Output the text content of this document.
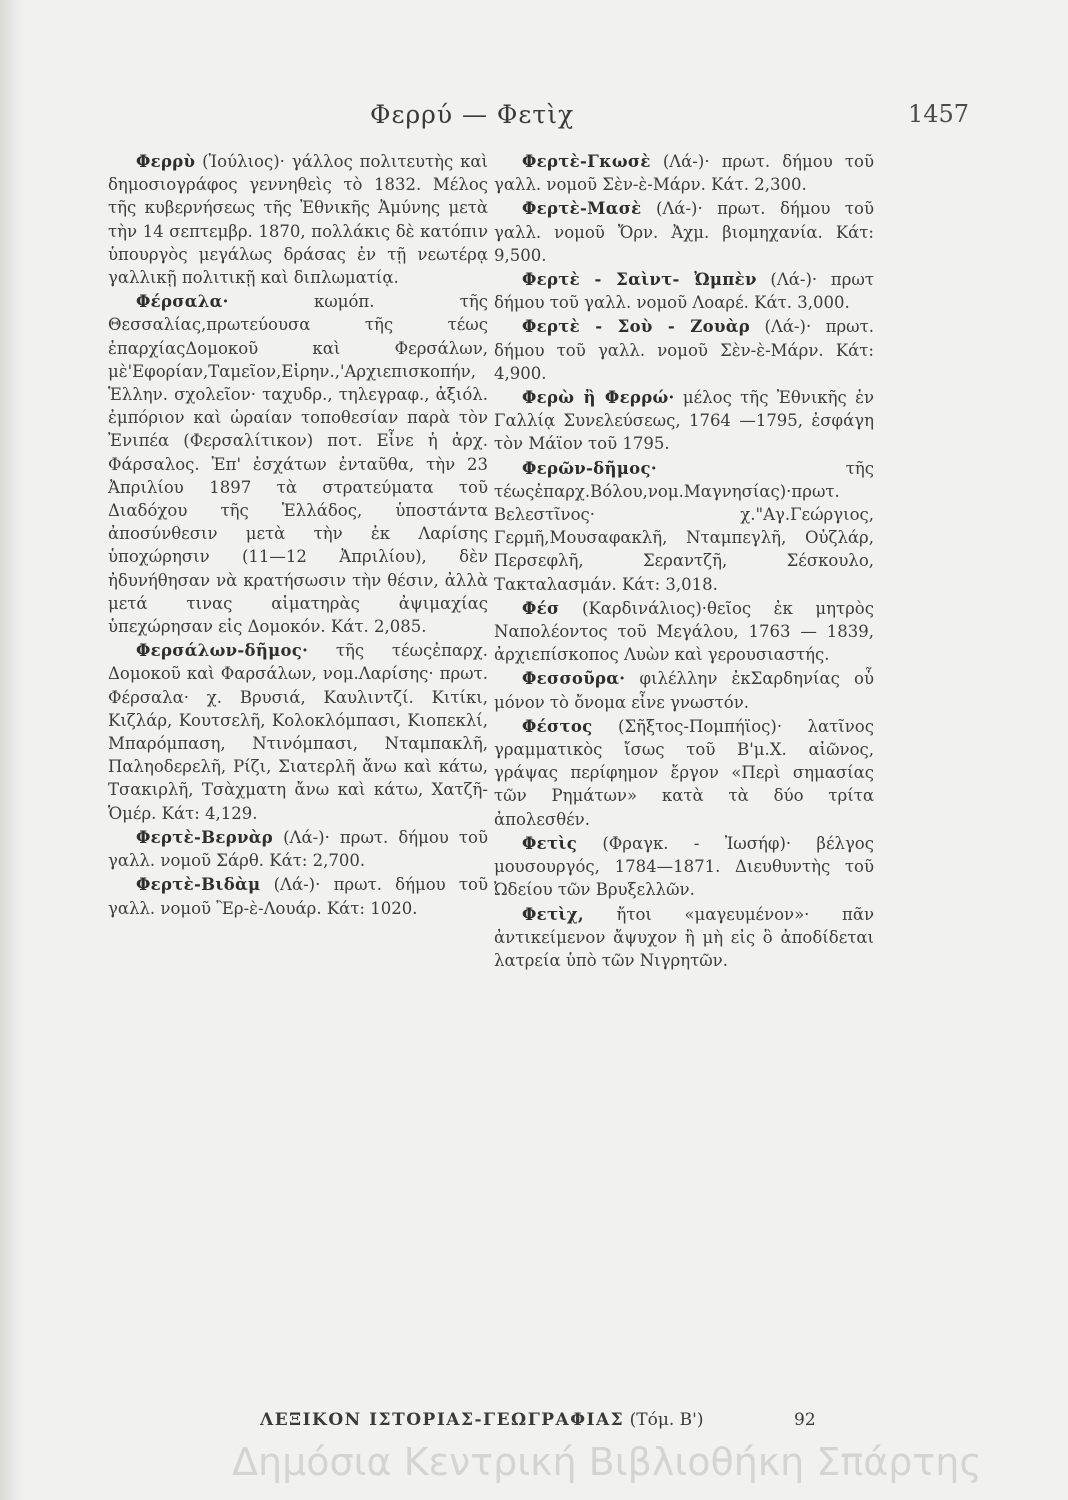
Φερρύ — Φετὶχ	1457

Φερρὺ (Ἰούλιος)· γάλλος πολιτευτὴς καὶ δημοσιογράφος γεννηθεὶς τὸ 1832. Μέλος τῆς κυβερνήσεως τῆς Ἐθνικῆς Ἀμύνης μετὰ τὴν 14 σεπτεμβρ. 1870, πολλάκις δὲ κατόπιν ὑπουργὸς μεγάλως δράσας ἐν τῇ νεωτέρᾳ γαλλικῇ πολιτικῇ καὶ διπλωματίᾳ.

Φέρσαλα·	κωμόπ. τῆς Θεσσαλίας,πρωτεύουσα τῆς τέως ἐπαρχίαςΔομοκοῦ καὶ Φερσάλων, μὲ'Εφορίαν,Ταμεῖον,Εἰρην.,'Αρχιεπισκοπήν, Ἑλλην. σχολεῖον· ταχυδρ., τηλεγραφ., ἀξιόλ. ἐμπόριον καὶ ὡραίαν τοποθεσίαν παρὰ τὸν Ἐνιπέα (Φερσαλίτικον) ποτ. Εἶνε ἡ ἀρχ. Φάρσαλος. Ἐπ' ἐσχάτων ἐνταῦθα, τὴν 23 Ἀπριλίου 1897 τὰ στρατεύματα τοῦ Διαδόχου τῆς Ἑλλάδος, ὑποστάντα ἀποσύνθεσιν μετὰ τὴν ἐκ Λαρίσης ὑποχώρησιν (11—12 Ἀπριλίου), δὲν ἠδυνήθησαν νὰ κρατήσωσιν τὴν θέσιν, ἀλλὰ μετά τινας αἱματηρὰς ἀψιμαχίας ὑπεχώρησαν εἰς Δομοκόν. Κάτ. 2,085.

Φερσάλων-δῆμος· τῆς τέωςἐπαρχ. Δομοκοῦ καὶ Φαρσάλων, νομ.Λαρίσης· πρωτ. Φέρσαλα· χ. Βρυσιά, Καυλιντζί. Κιτίκι, Κιζλάρ, Κουτσελῆ, Κολοκλόμπασι, Κιοπεκλί, Μπαρόμπαση, Ντινόμπασι, Νταμπακλῆ, Παληοδερελῆ, Ρίζι, Σιατερλῆ ἄνω καὶ κάτω, Τσακιρλῆ, Τσὰχματη ἄνω καὶ κάτω, Χατζῆ-Ὁμέρ. Κάτ: 4,129.

Φερτὲ-Βερνὰρ (Λά-)· πρωτ. δήμου τοῦ γαλλ. νομοῦ Σάρθ. Κάτ: 2,700.

Φερτὲ-Βιδὰμ (Λά-)· πρωτ. δήμου τοῦ γαλλ. νομοῦ Ἒρ-ὲ-Λουάρ. Κάτ: 1020.

Φερτὲ-Γκωσὲ (Λά-)· πρωτ. δήμου τοῦ γαλλ. νομοῦ Σὲν-ὲ-Μάρν. Κάτ. 2,300.

Φερτὲ-Μασὲ (Λά-)· πρωτ. δήμου τοῦ γαλλ. νομοῦ Ὄρν. Ἀχμ. βιομηχανία. Κάτ: 9,500.

Φερτὲ - Σαὶντ- Ὠμπὲν (Λά-)· πρωτ δήμου τοῦ γαλλ. νομοῦ Λοαρέ. Κάτ. 3,000.

Φερτὲ - Σοὺ - Ζουὰρ (Λά-)· πρωτ. δήμου τοῦ γαλλ. νομοῦ Σὲν-ὲ-Μάρν. Κάτ: 4,900.

Φερὼ ἢ Φερρώ· μέλος τῆς Ἐθνικῆς ἐν Γαλλίᾳ Συνελεύσεως, 1764 —1795, ἐσφάγη τὸν Μάϊον τοῦ 1795.

Φερῶν-δῆμος·	τῆς τέωςἐπαρχ.Βόλου,νομ.Μαγνησίας)·πρωτ. Βελεστῖνος· χ."Αγ.Γεώργιος, Γερμῆ,Μουσαφακλῆ, Νταμπεγλῆ, Οὐζλάρ, Περσεφλῆ, Σεραντζῆ, Σέσκουλο, Τακταλασμάν. Κάτ: 3,018.

Φέσ (Καρδινάλιος)·θεῖος ἐκ μητρὸς Ναπολέοντος τοῦ Μεγάλου, 1763 — 1839, ἀρχιεπίσκοπος Λυὼν καὶ γερουσιαστής.

Φεσσοῦρα· φιλέλλην ἐκΣαρδηνίας οὗ μόνον τὸ ὄνομα εἶνε γνωστόν.

Φέστος (Σῆξτος-Πομπήϊος)· λατῖνος γραμματικὸς ἴσως τοῦ Β'μ.Χ. αἰῶνος, γράψας περίφημον ἔργον «Περὶ σημασίας τῶν Ρημάτων» κατὰ τὰ δύο τρίτα ἀπολεσθέν.

Φετὶς (Φραγκ. - Ἰωσήφ)· βέλγος μουσουργός, 1784—1871. Διευθυντὴς τοῦ Ὠδείου τῶν Βρυξελλῶν.

Φετὶχ, ἤτοι «μαγευμένον»· πᾶν ἀντικείμενον ἄψυχον ἢ μὴ εἰς ὃ ἀποδίδεται λατρεία ὑπὸ τῶν Νιγρητῶν.

ΛΕΞΙΚΟΝ ΙΣΤΟΡΙΑΣ-ΓΕΩΓΡΑΦΙΑΣ (Τόμ. Β')	92
Δημόσια Κεντρική Βιβλιοθήκη Σπάρτης
